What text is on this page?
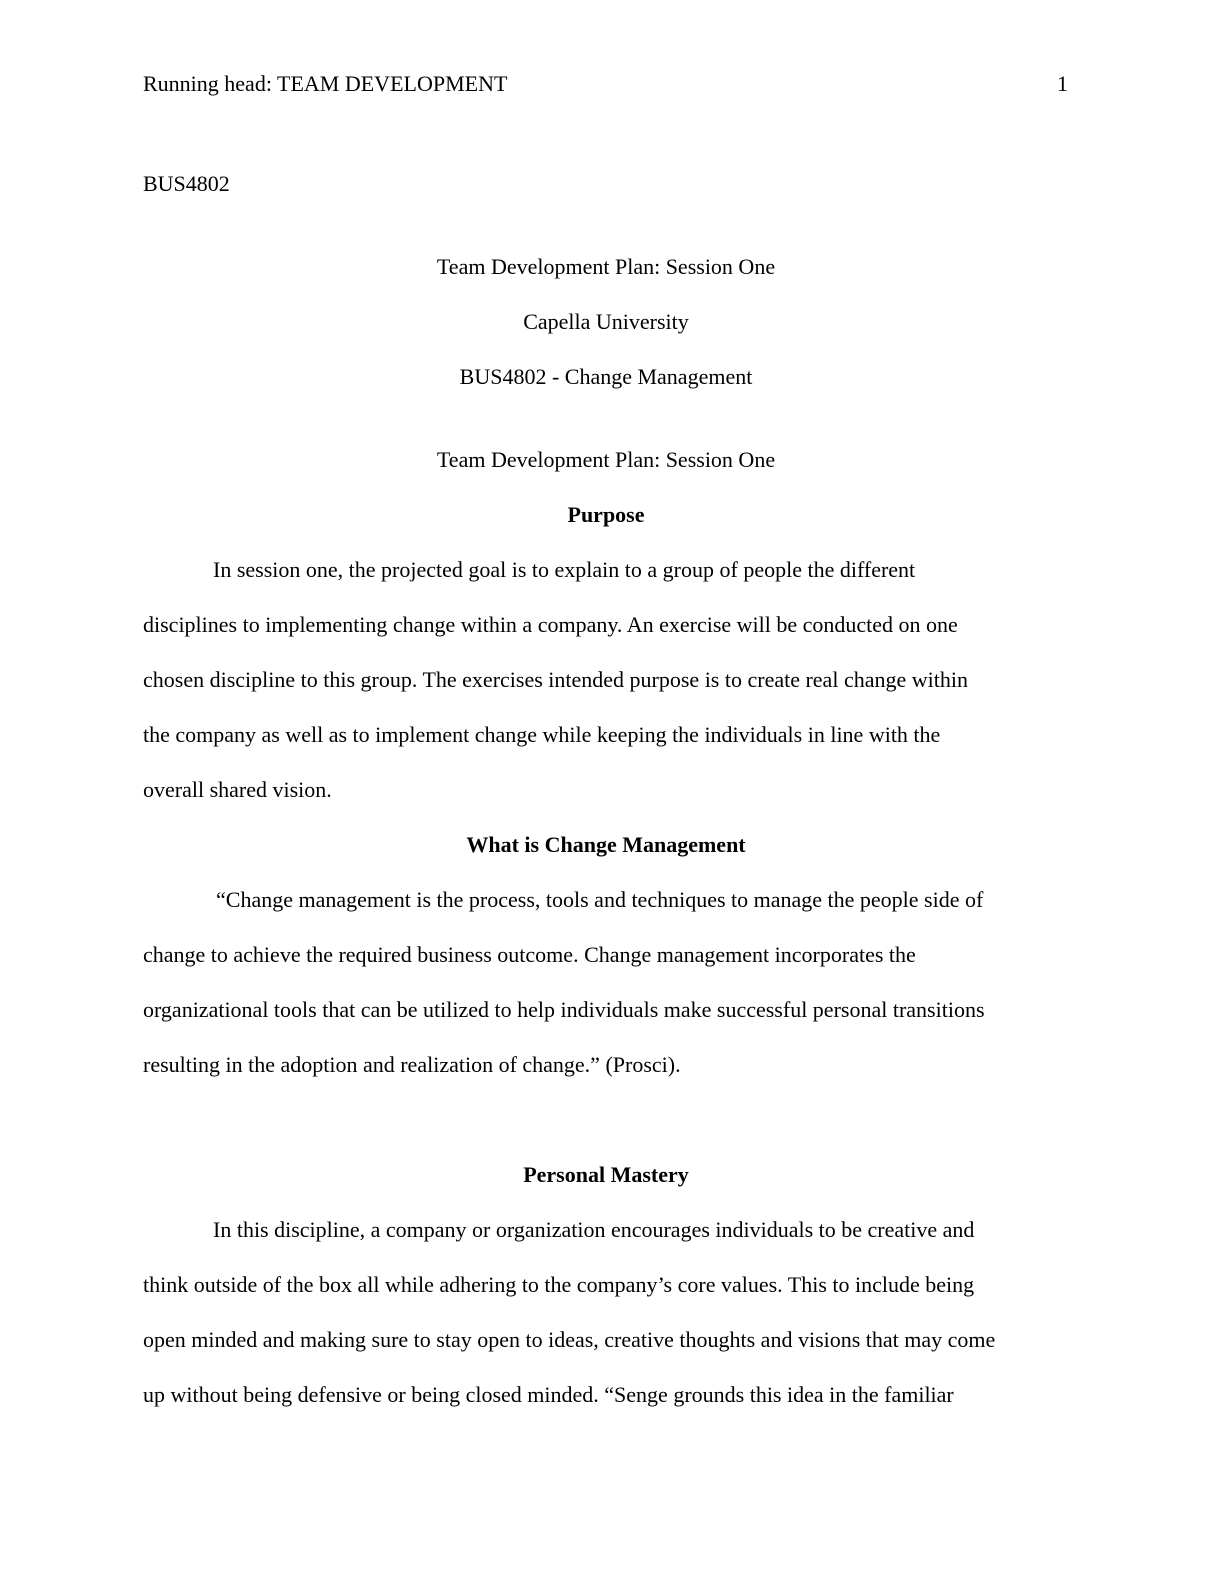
Running head: TEAM DEVELOPMENT	1
BUS4802
Team Development Plan: Session One
Capella University
BUS4802 - Change Management
Team Development Plan: Session One
Purpose
In session one, the projected goal is to explain to a group of people the different
disciplines to implementing change within a company. An exercise will be conducted on one
chosen discipline to this group. The exercises intended purpose is to create real change within
the company as well as to implement change while keeping the individuals in line with the
overall shared vision.
What is Change Management
“Change management is the process, tools and techniques to manage the people side of
change to achieve the required business outcome. Change management incorporates the
organizational tools that can be utilized to help individuals make successful personal transitions
resulting in the adoption and realization of change.” (Prosci).
Personal Mastery
In this discipline, a company or organization encourages individuals to be creative and
think outside of the box all while adhering to the company’s core values. This to include being
open minded and making sure to stay open to ideas, creative thoughts and visions that may come
up without being defensive or being closed minded. “Senge grounds this idea in the familiar
